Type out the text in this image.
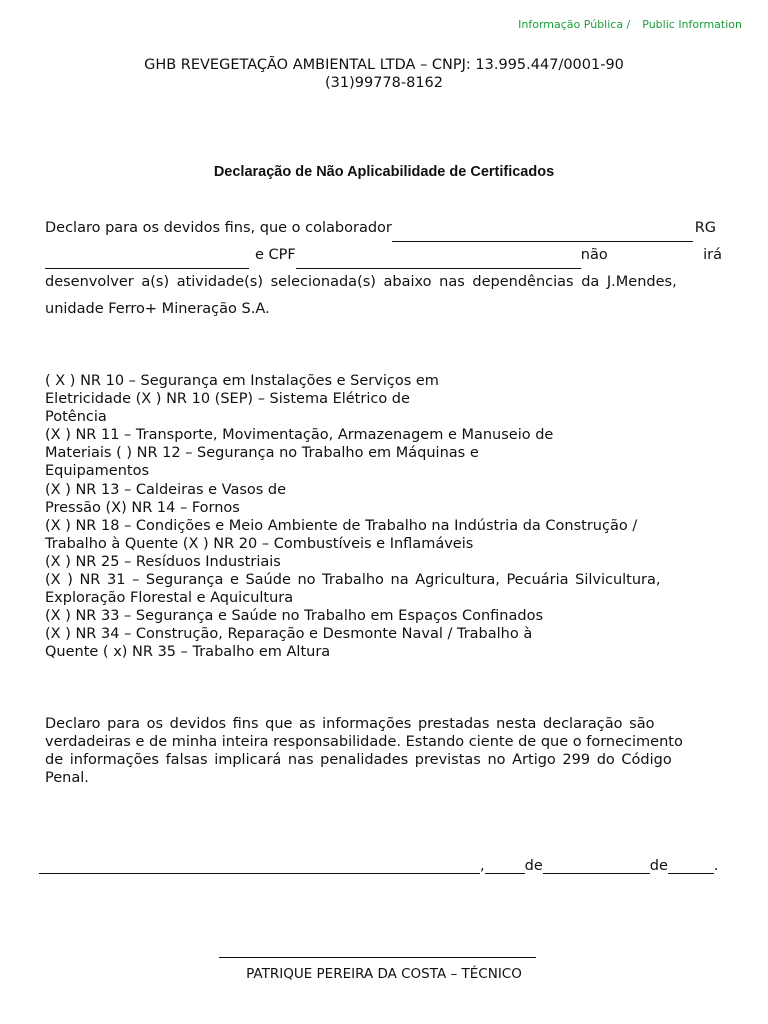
Informação Pública / Public Information
GHB REVEGETAÇÃO AMBIENTAL LTDA – CNPJ: 13.995.447/0001-90
(31)99778-8162
Declaração de Não Aplicabilidade de Certificados
Declaro para os devidos fins, que o colaborador	RG
e CPF	não	irá
desenvolver a(s) atividade(s) selecionada(s) abaixo nas dependências da J.Mendes,
unidade Ferro+ Mineração S.A.
( X ) NR 10 – Segurança em Instalações e Serviços em
Eletricidade (X ) NR 10 (SEP) – Sistema Elétrico de
Potência
(X ) NR 11 – Transporte, Movimentação, Armazenagem e Manuseio de
Materiais ( ) NR 12 – Segurança no Trabalho em Máquinas e
Equipamentos
(X ) NR 13 – Caldeiras e Vasos de
Pressão (X) NR 14 – Fornos
(X ) NR 18 – Condições e Meio Ambiente de Trabalho na Indústria da Construção /
Trabalho à Quente (X ) NR 20 – Combustíveis e Inflamáveis
(X ) NR 25 – Resíduos Industriais
(X ) NR 31 – Segurança e Saúde no Trabalho na Agricultura, Pecuária Silvicultura,
Exploração Florestal e Aquicultura
(X ) NR 33 – Segurança e Saúde no Trabalho em Espaços Confinados
(X ) NR 34 – Construção, Reparação e Desmonte Naval / Trabalho à
Quente ( x) NR 35 – Trabalho em Altura
Declaro para os devidos fins que as informações prestadas nesta declaração são
verdadeiras e de minha inteira responsabilidade. Estando ciente de que o fornecimento
de informações falsas implicará nas penalidades previstas no Artigo 299 do Código
Penal.
,	de	de	.
PATRIQUE PEREIRA DA COSTA – TÉCNICO
